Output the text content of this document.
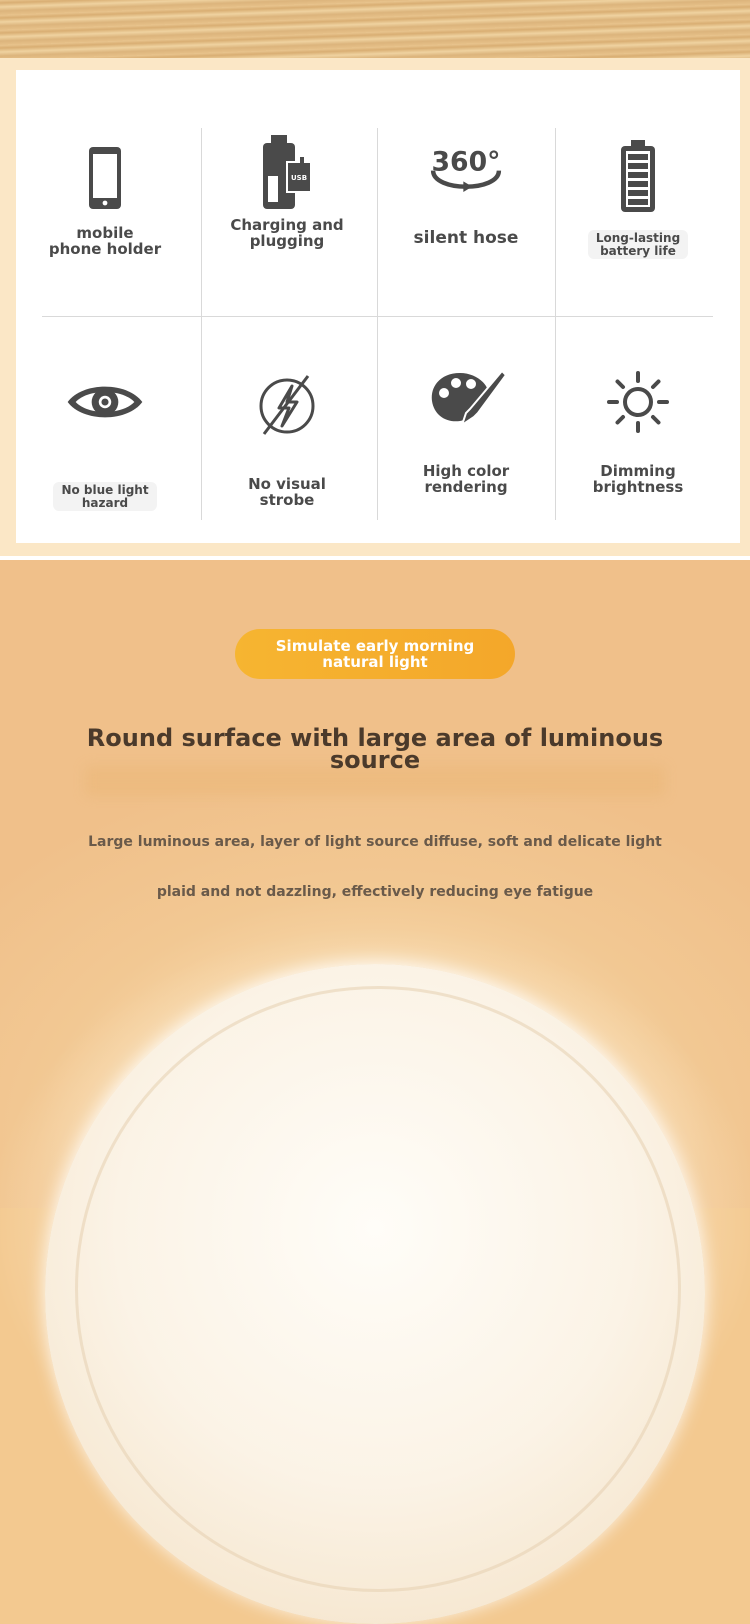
mobile
phone holder
USB
Charging and
plugging
360°
silent hose	Long-lasting
battery life
No blue light
hazard
No visual strobe
High color
rendering
Dimming
brightness
Simulate early morning
natural light
Round surface with large area of luminous source
Large luminous area, layer of light source diffuse, soft and delicate light
plaid and not dazzling, effectively reducing eye fatigue
